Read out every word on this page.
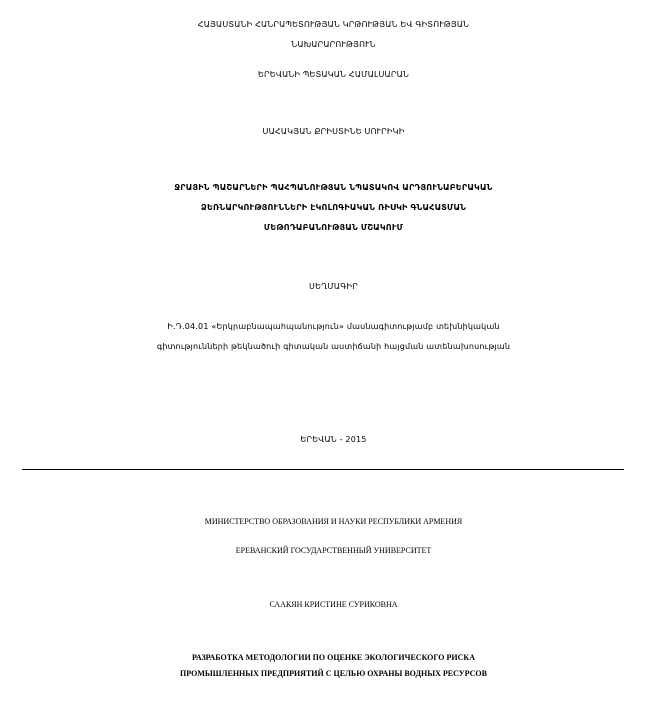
ՀԱՅԱՍՏԱՆԻ ՀԱՆՐԱՊԵՏՈՒԹՅԱՆ ԿՐԹՈՒԹՅԱՆ ԵՎ ԳԻՏՈՒԹՅԱՆ
ՆԱԽԱՐԱՐՈՒԹՅՈՒՆ
ԵՐԵՎԱՆԻ ՊԵՏԱԿԱՆ ՀԱՄԱԼՍԱՐԱՆ
ՍԱՀԱԿՅԱՆ ՔՐԻՍՏԻՆԵ ՍՈՒՐԻԿԻ
ՋՐԱՅԻՆ ՊԱՇԱՐՆԵՐԻ ՊԱՀՊԱՆՈՒԹՅԱՆ ՆՊԱՏԱԿՈՎ ԱՐԴՅՈՒՆԱԲԵՐԱԿԱՆ
ՁԵՌՆԱՐԿՈՒԹՅՈՒՆՆԵՐԻ ԷԿՈԼՈԳԻԱԿԱՆ ՌԻՍԿԻ ԳՆԱՀԱՏՄԱՆ
ՄԵԹՈԴԱԲԱՆՈՒԹՅԱՆ ՄՇԱԿՈՒՄ
ՍԵՂՄԱԳԻՐ
Ի.Դ.04.01 «Երկրաբնապահպանություն» մասնագիտությամբ տեխնիկական
գիտությունների թեկնածուի գիտական աստիճանի հայցման ատենախոսության
ԵՐԵՎԱՆ - 2015
МИНИСТЕРСТВО ОБРАЗОВАНИЯ И НАУКИ РЕСПУБЛИКИ АРМЕНИЯ
ЕРЕВАНСКИЙ ГОСУДАРСТВЕННЫЙ УНИВЕРСИТЕТ
СААКЯН КРИСТИНЕ СУРИКОВНА
РАЗРАБОТКА МЕТОДОЛОГИИ ПО ОЦЕНКЕ ЭКОЛОГИЧЕСКОГО РИСКА
ПРОМЫШЛЕННЫХ ПРЕДПРИЯТИЙ С ЦЕЛЬЮ ОХРАНЫ ВОДНЫХ РЕСУРСОВ
